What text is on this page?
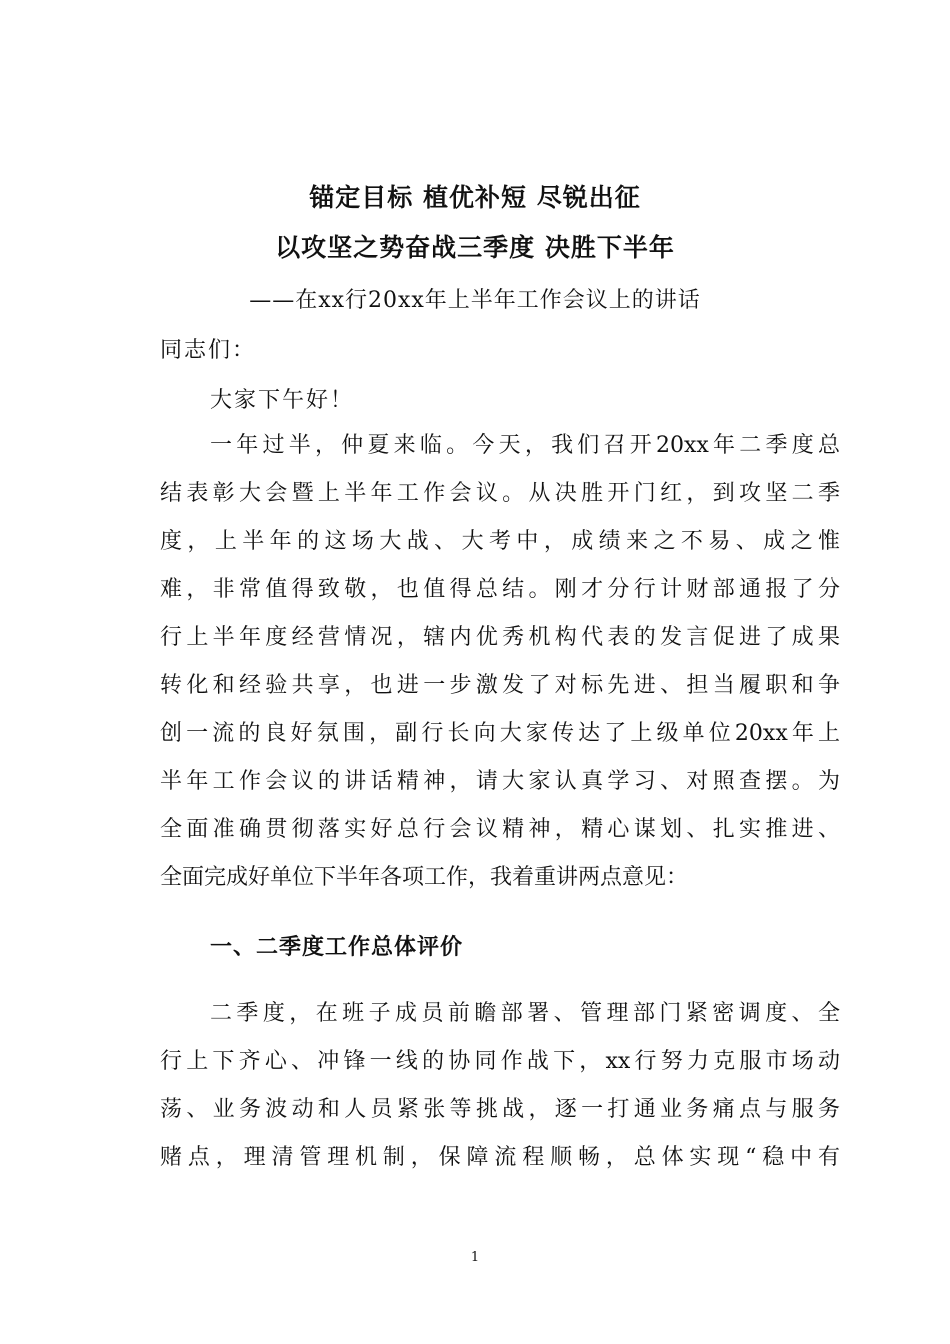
锚定目标 植优补短 尽锐出征
以攻坚之势奋战三季度 决胜下半年
——在xx行20xx年上半年工作会议上的讲话
同志们：
大家下午好！
一年过半，仲夏来临。今天，我们召开20xx年二季度总
结表彰大会暨上半年工作会议。从决胜开门红，到攻坚二季
度，上半年的这场大战、大考中，成绩来之不易、成之惟
难，非常值得致敬，也值得总结。刚才分行计财部通报了分
行上半年度经营情况，辖内优秀机构代表的发言促进了成果
转化和经验共享，也进一步激发了对标先进、担当履职和争
创一流的良好氛围，副行长向大家传达了上级单位20xx年上
半年工作会议的讲话精神，请大家认真学习、对照查摆。为
全面准确贯彻落实好总行会议精神，精心谋划、扎实推进、
全面完成好单位下半年各项工作，我着重讲两点意见：
一、二季度工作总体评价
二季度，在班子成员前瞻部署、管理部门紧密调度、全
行上下齐心、冲锋一线的协同作战下，xx行努力克服市场动
荡、业务波动和人员紧张等挑战，逐一打通业务痛点与服务
赌点，理清管理机制，保障流程顺畅，总体实现“稳中有
1
